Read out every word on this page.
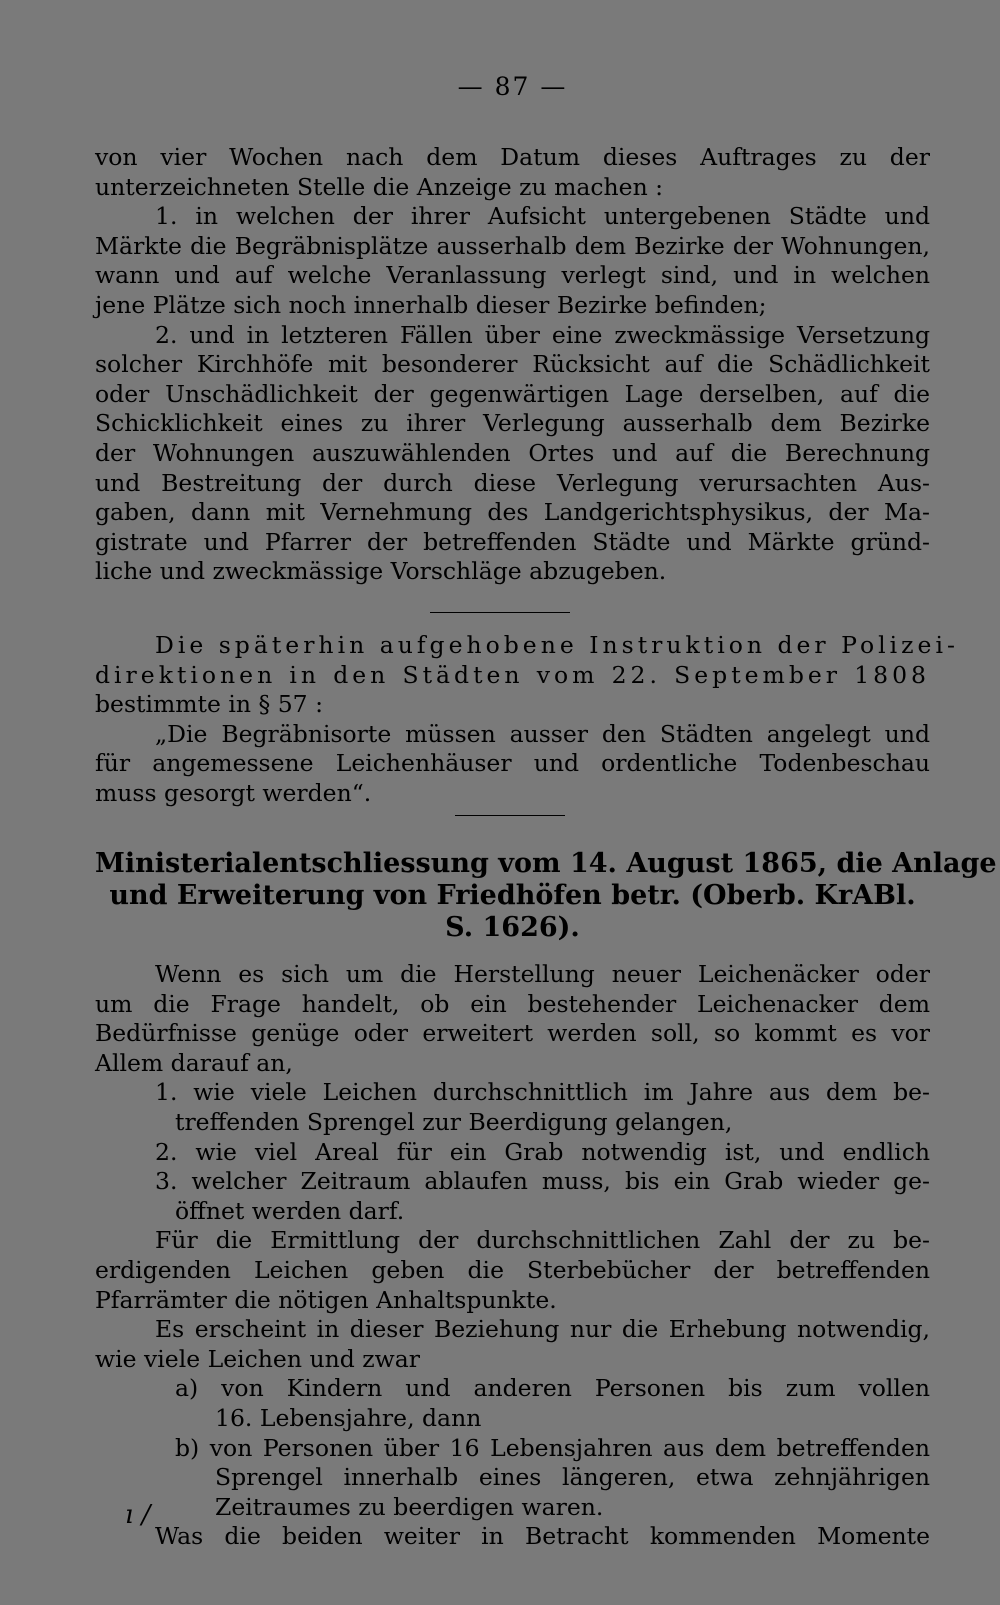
— 87 —
von vier Wochen nach dem Datum dieses Auftrages zu der
unterzeichneten Stelle die Anzeige zu machen :
1. in welchen der ihrer Aufsicht untergebenen Städte und
Märkte die Begräbnisplätze ausserhalb dem Bezirke der Wohnungen,
wann und auf welche Veranlassung verlegt sind, und in welchen
jene Plätze sich noch innerhalb dieser Bezirke befinden;
2. und in letzteren Fällen über eine zweckmässige Versetzung
solcher Kirchhöfe mit besonderer Rücksicht auf die Schädlichkeit
oder Unschädlichkeit der gegenwärtigen Lage derselben, auf die
Schicklichkeit eines zu ihrer Verlegung ausserhalb dem Bezirke
der Wohnungen auszuwählenden Ortes und auf die Berechnung
und Bestreitung der durch diese Verlegung verursachten Aus-
gaben, dann mit Vernehmung des Landgerichtsphysikus, der Ma-
gistrate und Pfarrer der betreffenden Städte und Märkte gründ-
liche und zweckmässige Vorschläge abzugeben.
Die späterhin aufgehobene Instruktion der Polizei-
direktionen in den Städten vom 22. September 1808
bestimmte in § 57 :
„Die Begräbnisorte müssen ausser den Städten angelegt und
für angemessene Leichenhäuser und ordentliche Todenbeschau
muss gesorgt werden“.
Ministerialentschliessung vom 14. August 1865, die Anlage
und Erweiterung von Friedhöfen betr. (Oberb. KrABl.
S. 1626).
Wenn es sich um die Herstellung neuer Leichenäcker oder
um die Frage handelt, ob ein bestehender Leichenacker dem
Bedürfnisse genüge oder erweitert werden soll, so kommt es vor
Allem darauf an,
1. wie viele Leichen durchschnittlich im Jahre aus dem be-
treffenden Sprengel zur Beerdigung gelangen,
2. wie viel Areal für ein Grab notwendig ist, und endlich
3. welcher Zeitraum ablaufen muss, bis ein Grab wieder ge-
öffnet werden darf.
Für die Ermittlung der durchschnittlichen Zahl der zu be-
erdigenden Leichen geben die Sterbebücher der betreffenden
Pfarrämter die nötigen Anhaltspunkte.
Es erscheint in dieser Beziehung nur die Erhebung notwendig,
wie viele Leichen und zwar
a) von Kindern und anderen Personen bis zum vollen
16. Lebensjahre, dann
b) von Personen über 16 Lebensjahren aus dem betreffenden
Sprengel innerhalb eines längeren, etwa zehnjährigen
Zeitraumes zu beerdigen waren.
Was die beiden weiter in Betracht kommenden Momente
ı /
